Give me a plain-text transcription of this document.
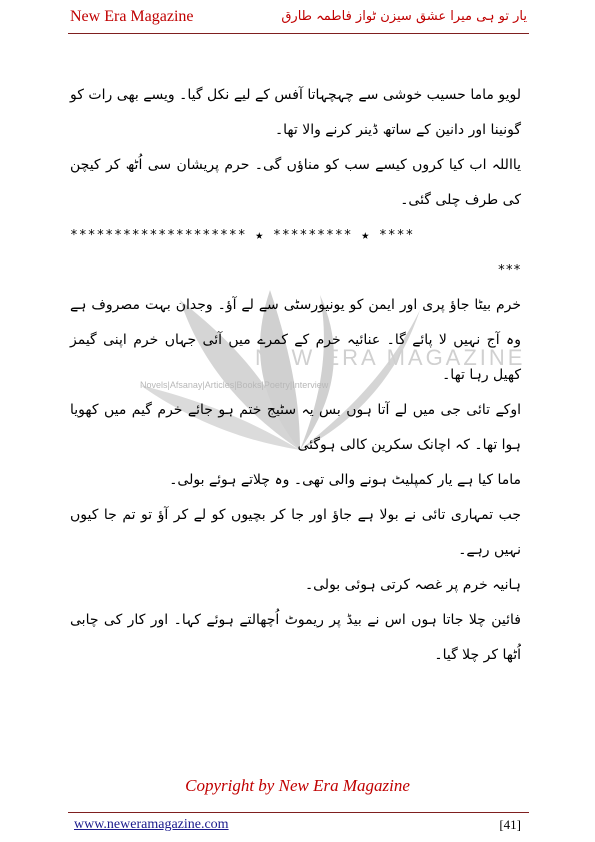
New Era Magazine	یار تو ہی میرا عشق سیزن ٹواز فاطمہ طارق
NEW ERA MAGAZINE
Novels|Afsanay|Articles|Books|Poetry|Interview

لویو ماما حسیب خوشی سے چہچہاتا آفس کے لیے نکل گیا۔ ویسے بھی رات کو گونینا اور دانین کے ساتھ ڈینر کرنے والا تھا۔

یااللہ اب کیا کروں کیسے سب کو مناؤں گی۔ حرم پریشان سی اُٹھ کر کیچن کی طرف چلی گئی۔

******************** ★ ********* ★ ****
***

خرم بیٹا جاؤ پری اور ایمن کو یونیورسٹی سے لے آؤ۔ وجدان بہت مصروف ہے وہ آج نہیں لا پائے گا۔ عنائیہ خرم کے کمرے میں آئی جہاں خرم اپنی گیمز کھیل رہا تھا۔

اوکے تائی جی میں لے آتا ہوں بس یہ سٹیج ختم ہو جائے خرم گیم میں کھویا ہوا تھا۔ کہ اچانک سکرین کالی ہوگئی

ماما کیا ہے یار کمپلیٹ ہونے والی تھی۔ وہ چلاتے ہوئے بولی۔

جب تمہاری تائی نے بولا ہے جاؤ اور جا کر بچیوں کو لے کر آؤ تو تم جا کیوں نہیں رہے۔

ہانیہ خرم پر غصہ کرتی ہوئی بولی۔

فائین چلا جاتا ہوں اس نے بیڈ پر ریموٹ اُچھالتے ہوئے کہا۔ اور کار کی چابی اُٹھا کر چلا گیا۔

Copyright by New Era Magazine
www.neweramagazine.com	[41]
